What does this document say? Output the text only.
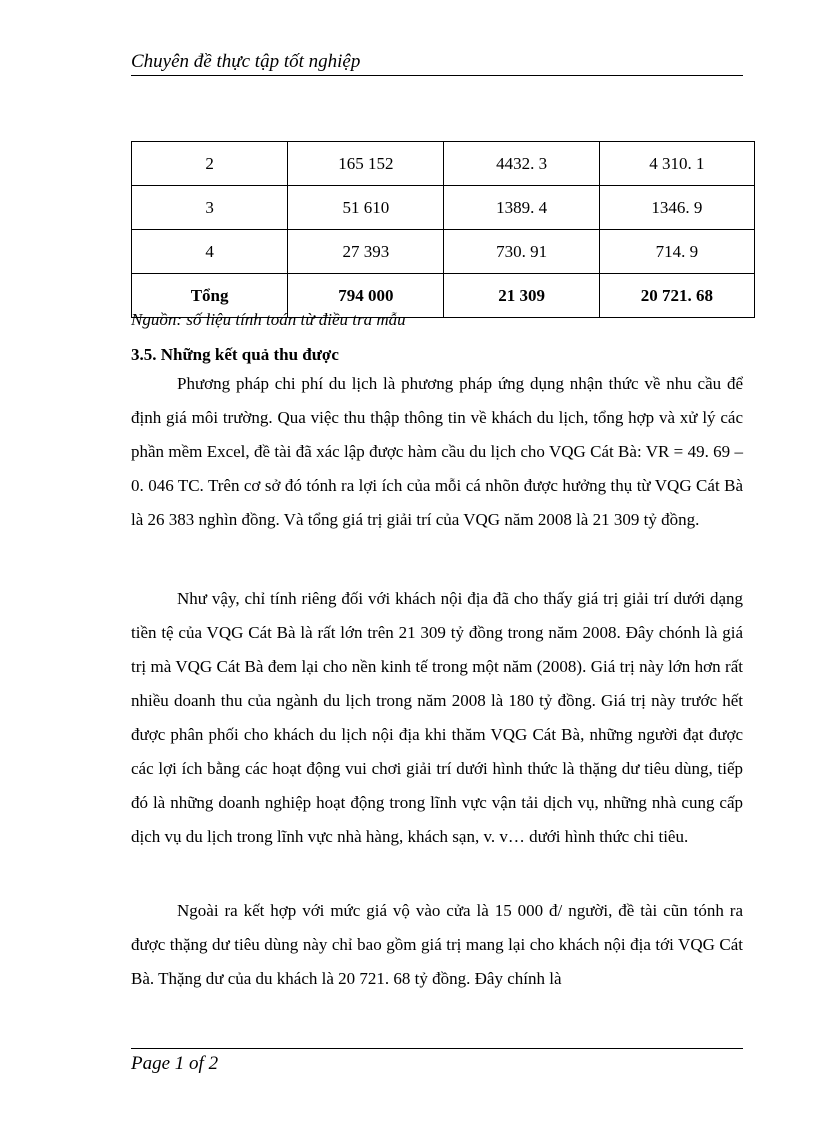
Chuyên đề thực tập tốt nghiệp
2	165 152	4432. 3	4 310. 1
3	51 610	1389. 4	1346. 9
4	27 393	730. 91	714. 9
Tổng	794 000	21 309	20 721. 68
Nguồn: số liệu tính toán từ điều tra mẫu
3.5. Những kết quả thu được

Phương pháp chi phí du lịch là phương pháp ứng dụng nhận thức về nhu cầu để định giá môi trường. Qua việc thu thập thông tin về khách du lịch, tổng hợp và xử lý các phần mềm Excel, đề tài đã xác lập được hàm cầu du lịch cho VQG Cát Bà: VR = 49. 69 – 0. 046 TC. Trên cơ sở đó tónh ra lợi ích của mỗi cá nhõn được hưởng thụ từ VQG Cát Bà là 26 383 nghìn đồng. Và tổng giá trị giải trí của VQG năm 2008 là 21 309 tỷ đồng.

Như vậy, chỉ tính riêng đối với khách nội địa đã cho thấy giá trị giải trí dưới dạng tiền tệ của VQG Cát Bà là rất lớn trên 21 309 tỷ đồng trong năm 2008. Đây chónh là giá trị mà VQG Cát Bà đem lại cho nền kinh tế trong một năm (2008). Giá trị này lớn hơn rất nhiều doanh thu của ngành du lịch trong năm 2008 là 180 tỷ đồng. Giá trị này trước hết được phân phối cho khách du lịch nội địa khi thăm VQG Cát Bà, những người đạt được các lợi ích bằng các hoạt động vui chơi giải trí dưới hình thức là thặng dư tiêu dùng, tiếp đó là những doanh nghiệp hoạt động trong lĩnh vực vận tải dịch vụ, những nhà cung cấp dịch vụ du lịch trong lĩnh vực nhà hàng, khách sạn, v. v… dưới hình thức chi tiêu.

Ngoài ra kết hợp với mức giá vộ vào cửa là 15 000 đ/ người, đề tài cũn tónh ra được thặng dư tiêu dùng này chỉ bao gồm giá trị mang lại cho khách nội địa tới VQG Cát Bà. Thặng dư của du khách là 20 721. 68 tỷ đồng. Đây chính là

Page 1 of 2
